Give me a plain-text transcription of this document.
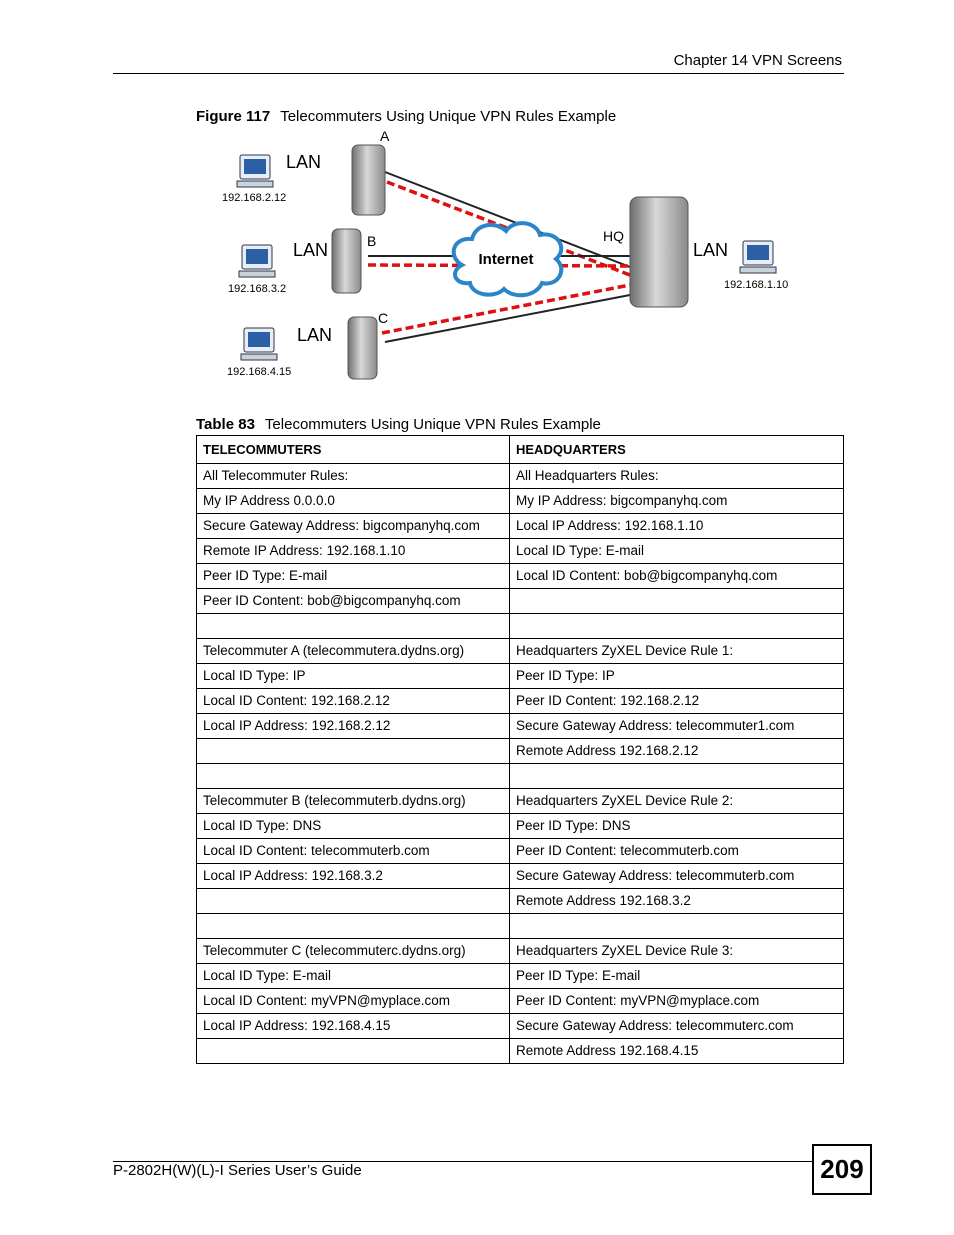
Chapter 14 VPN Screens
Figure 117 Telecommuters Using Unique VPN Rules Example
Internet
A
B
C
HQ
LAN
LAN
LAN
LAN
192.168.2.12
192.168.3.2
192.168.4.15
192.168.1.10
Table 83 Telecommuters Using Unique VPN Rules Example
TELECOMMUTERS	HEADQUARTERS
All Telecommuter Rules:	All Headquarters Rules:
My IP Address 0.0.0.0	My IP Address: bigcompanyhq.com
Secure Gateway Address: bigcompanyhq.com	Local IP Address: 192.168.1.10
Remote IP Address: 192.168.1.10	Local ID Type: E-mail
Peer ID Type: E-mail	Local ID Content: bob@bigcompanyhq.com
Peer ID Content: bob@bigcompanyhq.com	

Telecommuter A (telecommutera.dydns.org)	Headquarters ZyXEL Device Rule 1:
Local ID Type: IP	Peer ID Type: IP
Local ID Content: 192.168.2.12	Peer ID Content: 192.168.2.12
Local IP Address: 192.168.2.12	Secure Gateway Address: telecommuter1.com
	Remote Address 192.168.2.12

Telecommuter B (telecommuterb.dydns.org)	Headquarters ZyXEL Device Rule 2:
Local ID Type: DNS	Peer ID Type: DNS
Local ID Content: telecommuterb.com	Peer ID Content: telecommuterb.com
Local IP Address: 192.168.3.2	Secure Gateway Address: telecommuterb.com
	Remote Address 192.168.3.2

Telecommuter C (telecommuterc.dydns.org)	Headquarters ZyXEL Device Rule 3:
Local ID Type: E-mail	Peer ID Type: E-mail
Local ID Content: myVPN@myplace.com	Peer ID Content: myVPN@myplace.com
Local IP Address: 192.168.4.15	Secure Gateway Address: telecommuterc.com
	Remote Address 192.168.4.15
P-2802H(W)(L)-I Series User’s Guide	209
